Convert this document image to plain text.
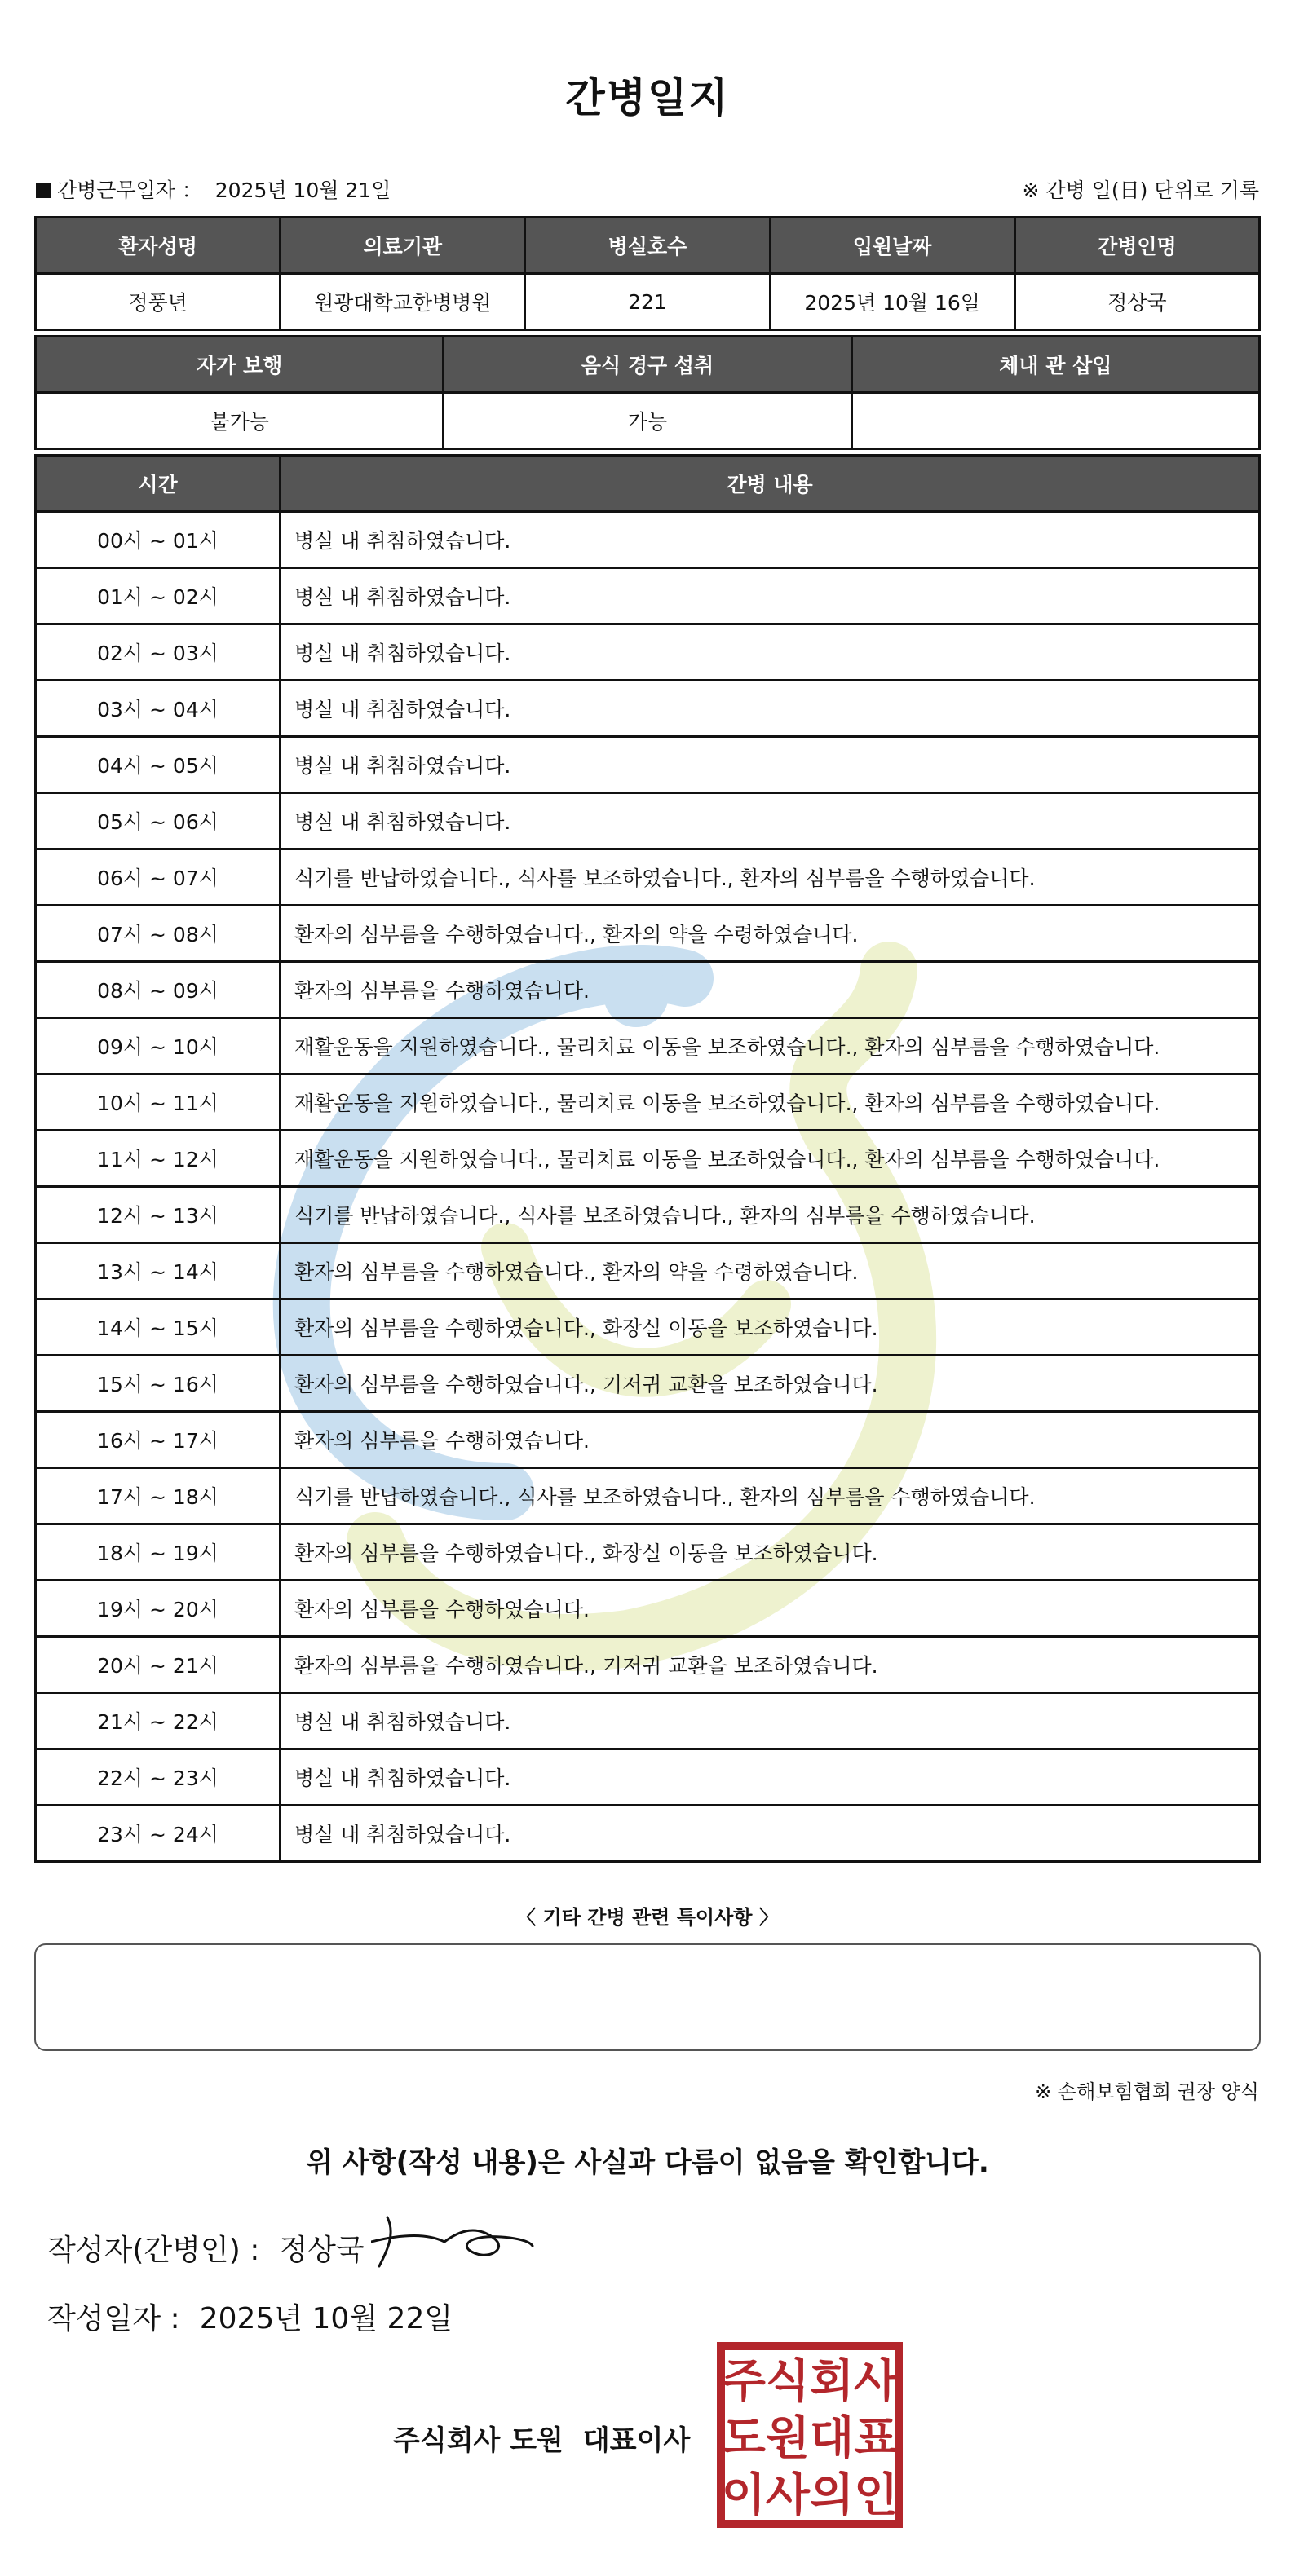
간병일지
간병근무일자 ： 2025년 10월 21일	※ 간병 일(日) 단위로 기록
환자성명	의료기관	병실호수	입원날짜	간병인명
정풍년	원광대학교한병병원	221	2025년 10월 16일	정상국
자가 보행	음식 경구 섭취	체내 관 삽입
불가능	가능	
시간	간병 내용
00시 ~ 01시	병실 내 취침하였습니다.
01시 ~ 02시	병실 내 취침하였습니다.
02시 ~ 03시	병실 내 취침하였습니다.
03시 ~ 04시	병실 내 취침하였습니다.
04시 ~ 05시	병실 내 취침하였습니다.
05시 ~ 06시	병실 내 취침하였습니다.
06시 ~ 07시	식기를 반납하였습니다., 식사를 보조하였습니다., 환자의 심부름을 수행하였습니다.
07시 ~ 08시	환자의 심부름을 수행하였습니다., 환자의 약을 수령하였습니다.
08시 ~ 09시	환자의 심부름을 수행하였습니다.
09시 ~ 10시	재활운동을 지원하였습니다., 물리치료 이동을 보조하였습니다., 환자의 심부름을 수행하였습니다.
10시 ~ 11시	재활운동을 지원하였습니다., 물리치료 이동을 보조하였습니다., 환자의 심부름을 수행하였습니다.
11시 ~ 12시	재활운동을 지원하였습니다., 물리치료 이동을 보조하였습니다., 환자의 심부름을 수행하였습니다.
12시 ~ 13시	식기를 반납하였습니다., 식사를 보조하였습니다., 환자의 심부름을 수행하였습니다.
13시 ~ 14시	환자의 심부름을 수행하였습니다., 환자의 약을 수령하였습니다.
14시 ~ 15시	환자의 심부름을 수행하였습니다., 화장실 이동을 보조하였습니다.
15시 ~ 16시	환자의 심부름을 수행하였습니다., 기저귀 교환을 보조하였습니다.
16시 ~ 17시	환자의 심부름을 수행하였습니다.
17시 ~ 18시	식기를 반납하였습니다., 식사를 보조하였습니다., 환자의 심부름을 수행하였습니다.
18시 ~ 19시	환자의 심부름을 수행하였습니다., 화장실 이동을 보조하였습니다.
19시 ~ 20시	환자의 심부름을 수행하였습니다.
20시 ~ 21시	환자의 심부름을 수행하였습니다., 기저귀 교환을 보조하였습니다.
21시 ~ 22시	병실 내 취침하였습니다.
22시 ~ 23시	병실 내 취침하였습니다.
23시 ~ 24시	병실 내 취침하였습니다.
〈 기타 간병 관련 특이사항 〉
※ 손해보험협회 권장 양식
위 사항(작성 내용)은 사실과 다름이 없음을 확인합니다.
작성자(간병인) : 정상국
작성일자 : 2025년 10월 22일
주식회사 도원 대표이사
주식회사
도원대표
이사의인
